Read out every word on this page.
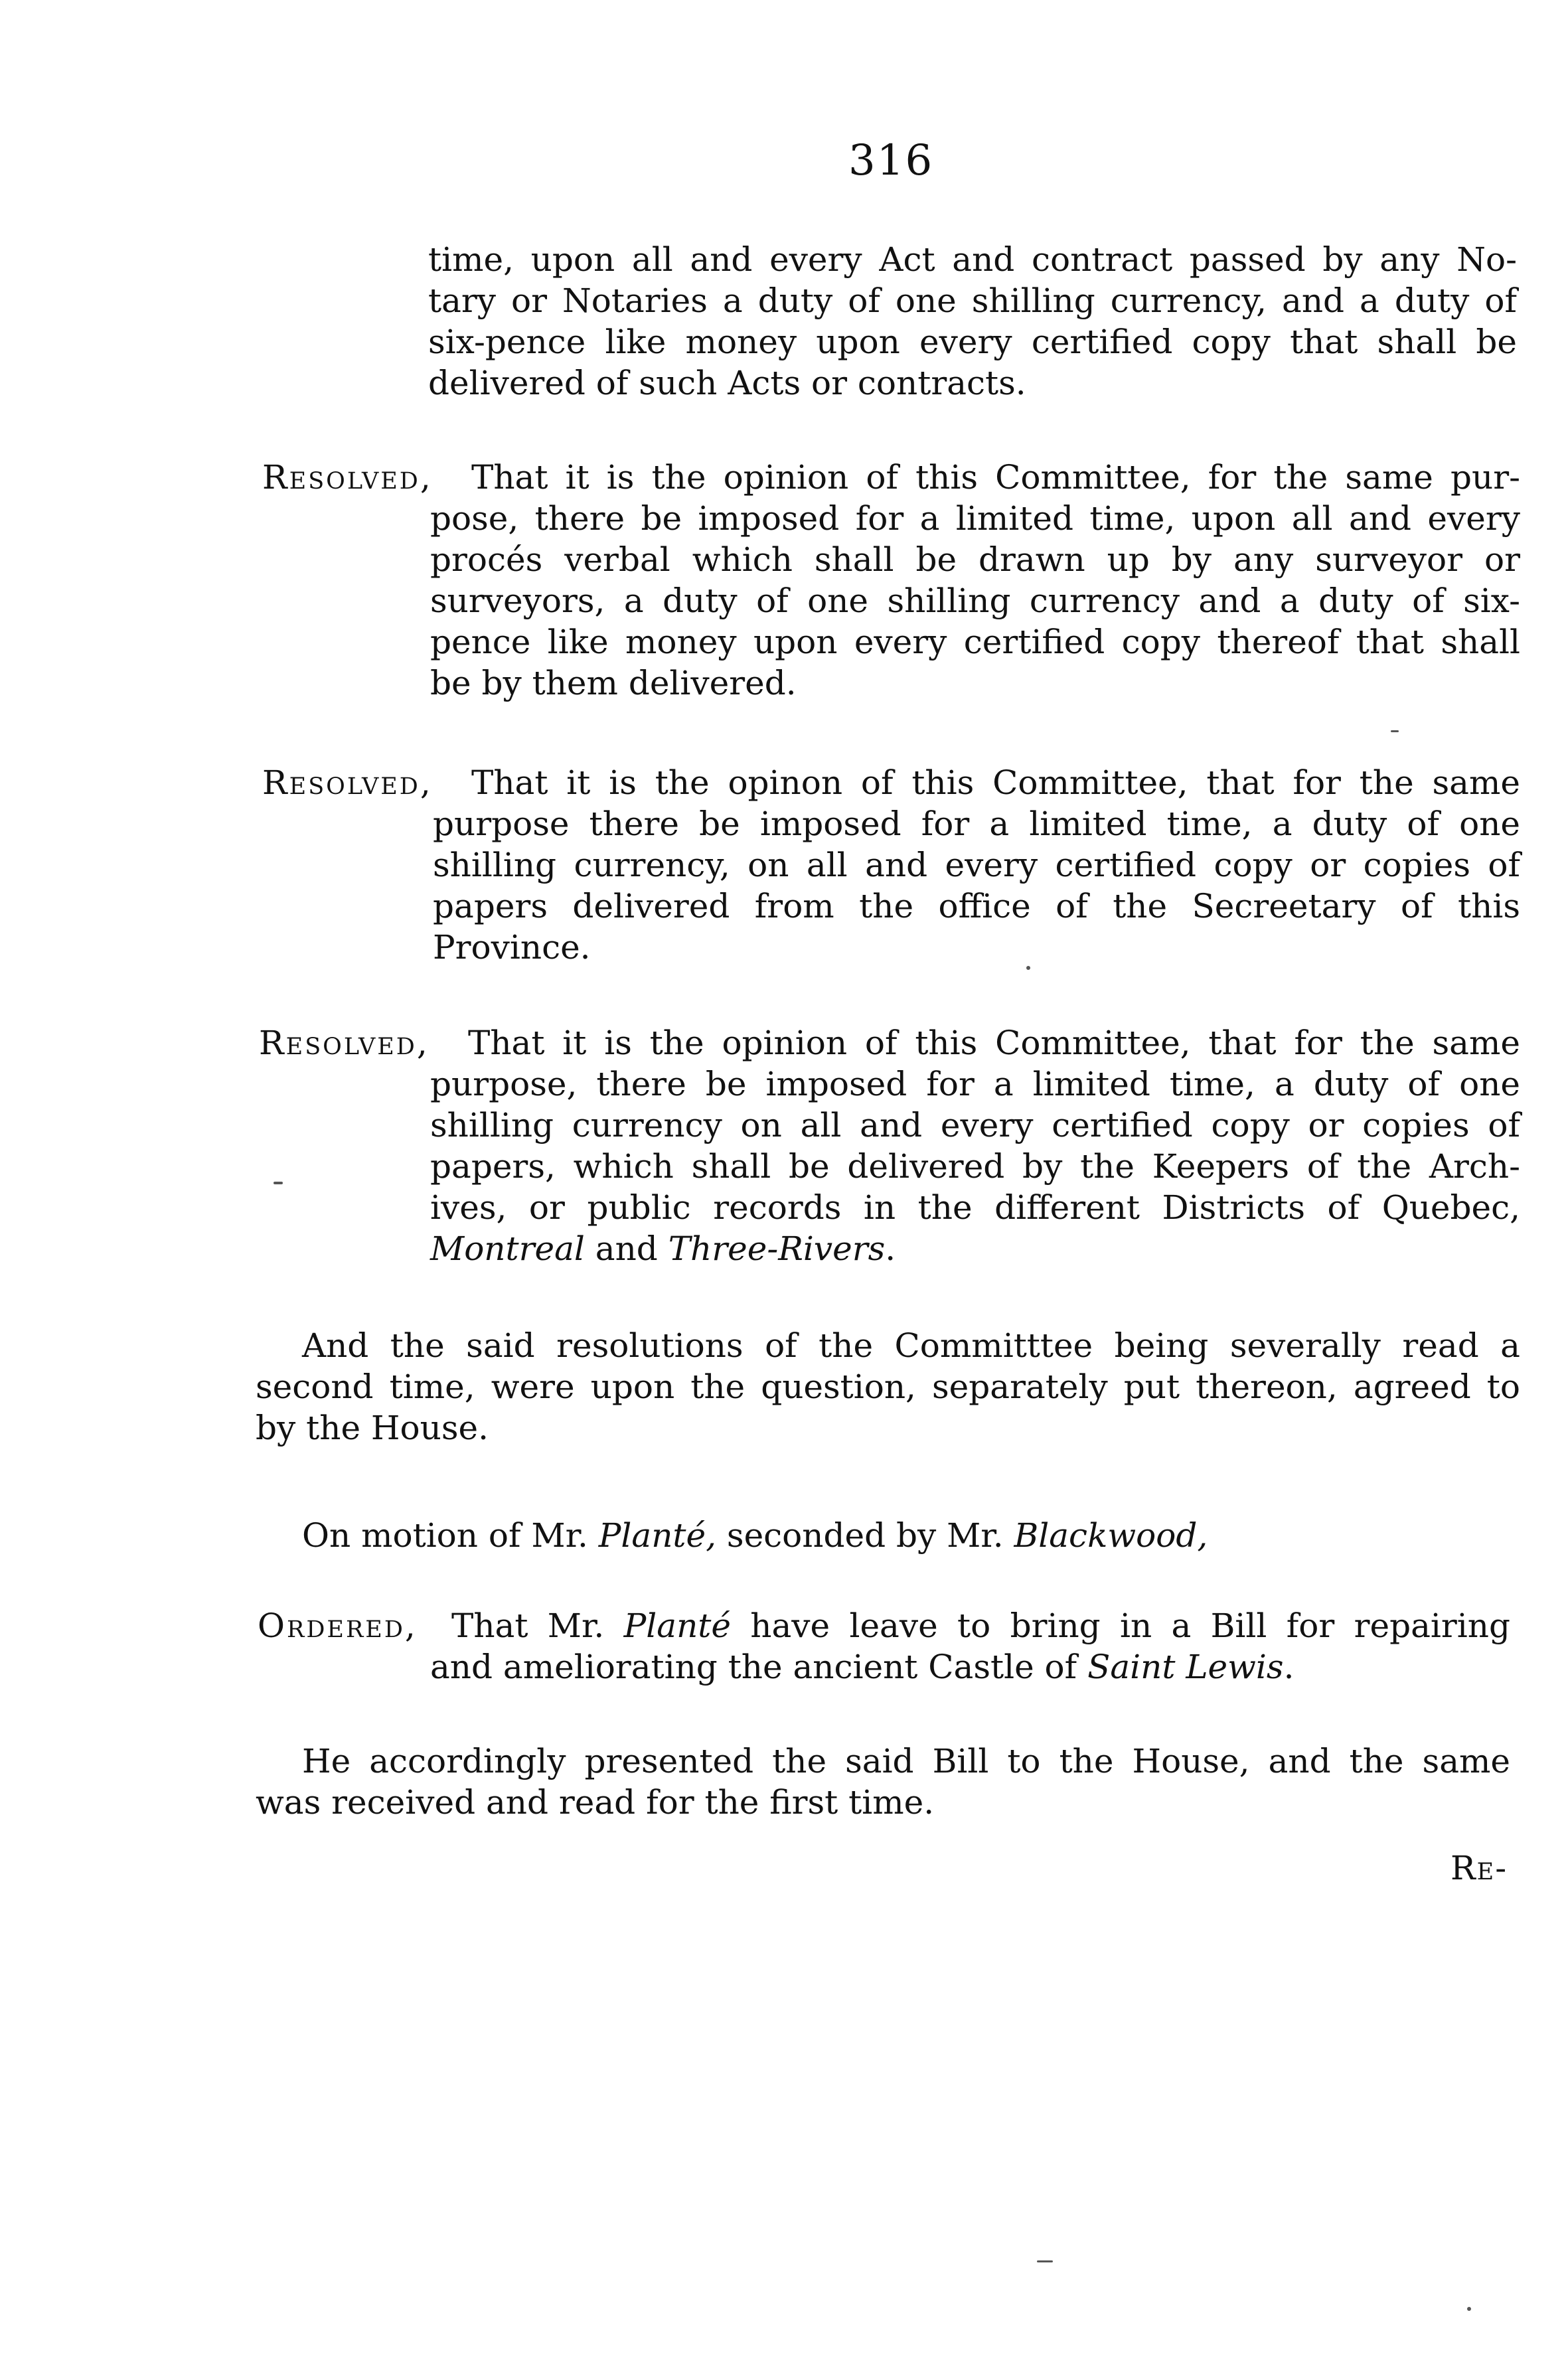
316
time, upon all and every Act and contract passed by any No-
tary or Notaries a duty of one shilling currency, and a duty of
six-pence like money upon every certified copy that shall be
delivered of such Acts or contracts.
Resolved, That it is the opinion of this Committee, for the same pur-
pose, there be imposed for a limited time, upon all and every
procés verbal which shall be drawn up by any surveyor or
surveyors, a duty of one shilling currency and a duty of six-
pence like money upon every certified copy thereof that shall
be by them delivered.
Resolved, That it is the opinon of this Committee, that for the same
purpose there be imposed for a limited time, a duty of one
shilling currency, on all and every certified copy or copies of
papers delivered from the office of the Secreetary of this
Province.
Resolved, That it is the opinion of this Committee, that for the same
purpose, there be imposed for a limited time, a duty of one
shilling currency on all and every certified copy or copies of
papers, which shall be delivered by the Keepers of the Arch-
ives, or public records in the different Districts of Quebec,
Montreal and Three-Rivers.
And the said resolutions of the Committtee being severally read a
second time, were upon the question, separately put thereon, agreed to
by the House.
On motion of Mr. Planté, seconded by Mr. Blackwood,
Ordered, That Mr. Planté have leave to bring in a Bill for repairing
and ameliorating the ancient Castle of Saint Lewis.
He accordingly presented the said Bill to the House, and the same
was received and read for the first time.
Re-
